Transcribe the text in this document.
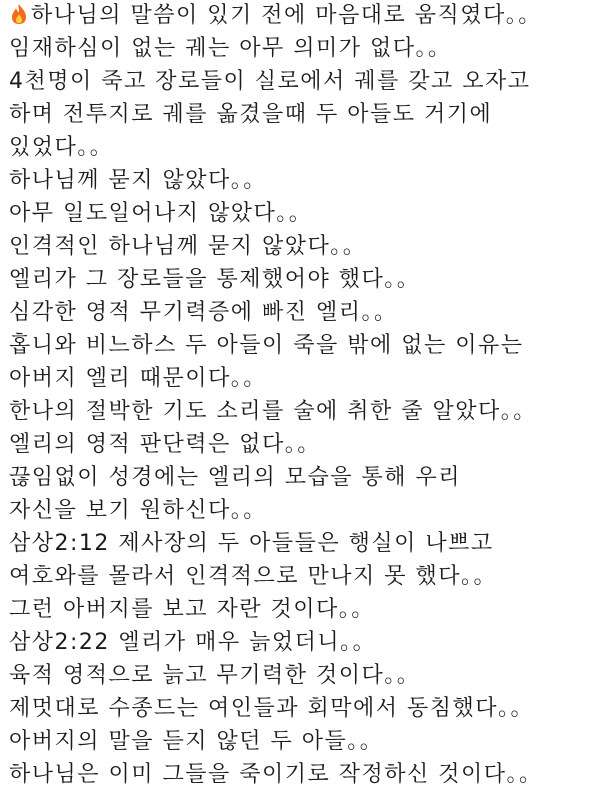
하나님의 말씀이 있기 전에 마음대로 움직였다。。
임재하심이 없는 궤는 아무 의미가 없다。。
4천명이 죽고 장로들이 실로에서 궤를 갖고 오자고
하며 전투지로 궤를 옮겼을때 두 아들도 거기에
있었다。。
하나님께 묻지 않았다。。
아무 일도일어나지 않았다。。
인격적인 하나님께 묻지 않았다。。
엘리가 그 장로들을 통제했어야 했다。。
심각한 영적 무기력증에 빠진 엘리。。
홉니와 비느하스 두 아들이 죽을 밖에 없는 이유는
아버지 엘리 때문이다。。
한나의 절박한 기도 소리를 술에 취한 줄 알았다。。
엘리의 영적 판단력은 없다。。
끊임없이 성경에는 엘리의 모습을 통해 우리
자신을 보기 원하신다。。
삼상2:12 제사장의 두 아들들은 행실이 나쁘고
여호와를 몰라서 인격적으로 만나지 못 했다。。
그런 아버지를 보고 자란 것이다。。
삼상2:22 엘리가 매우 늙었더니。。
육적 영적으로 늙고 무기력한 것이다。。
제멋대로 수종드는 여인들과 회막에서 동침했다。。
아버지의 말을 듣지 않던 두 아들。。
하나님은 이미 그들을 죽이기로 작정하신 것이다。。
